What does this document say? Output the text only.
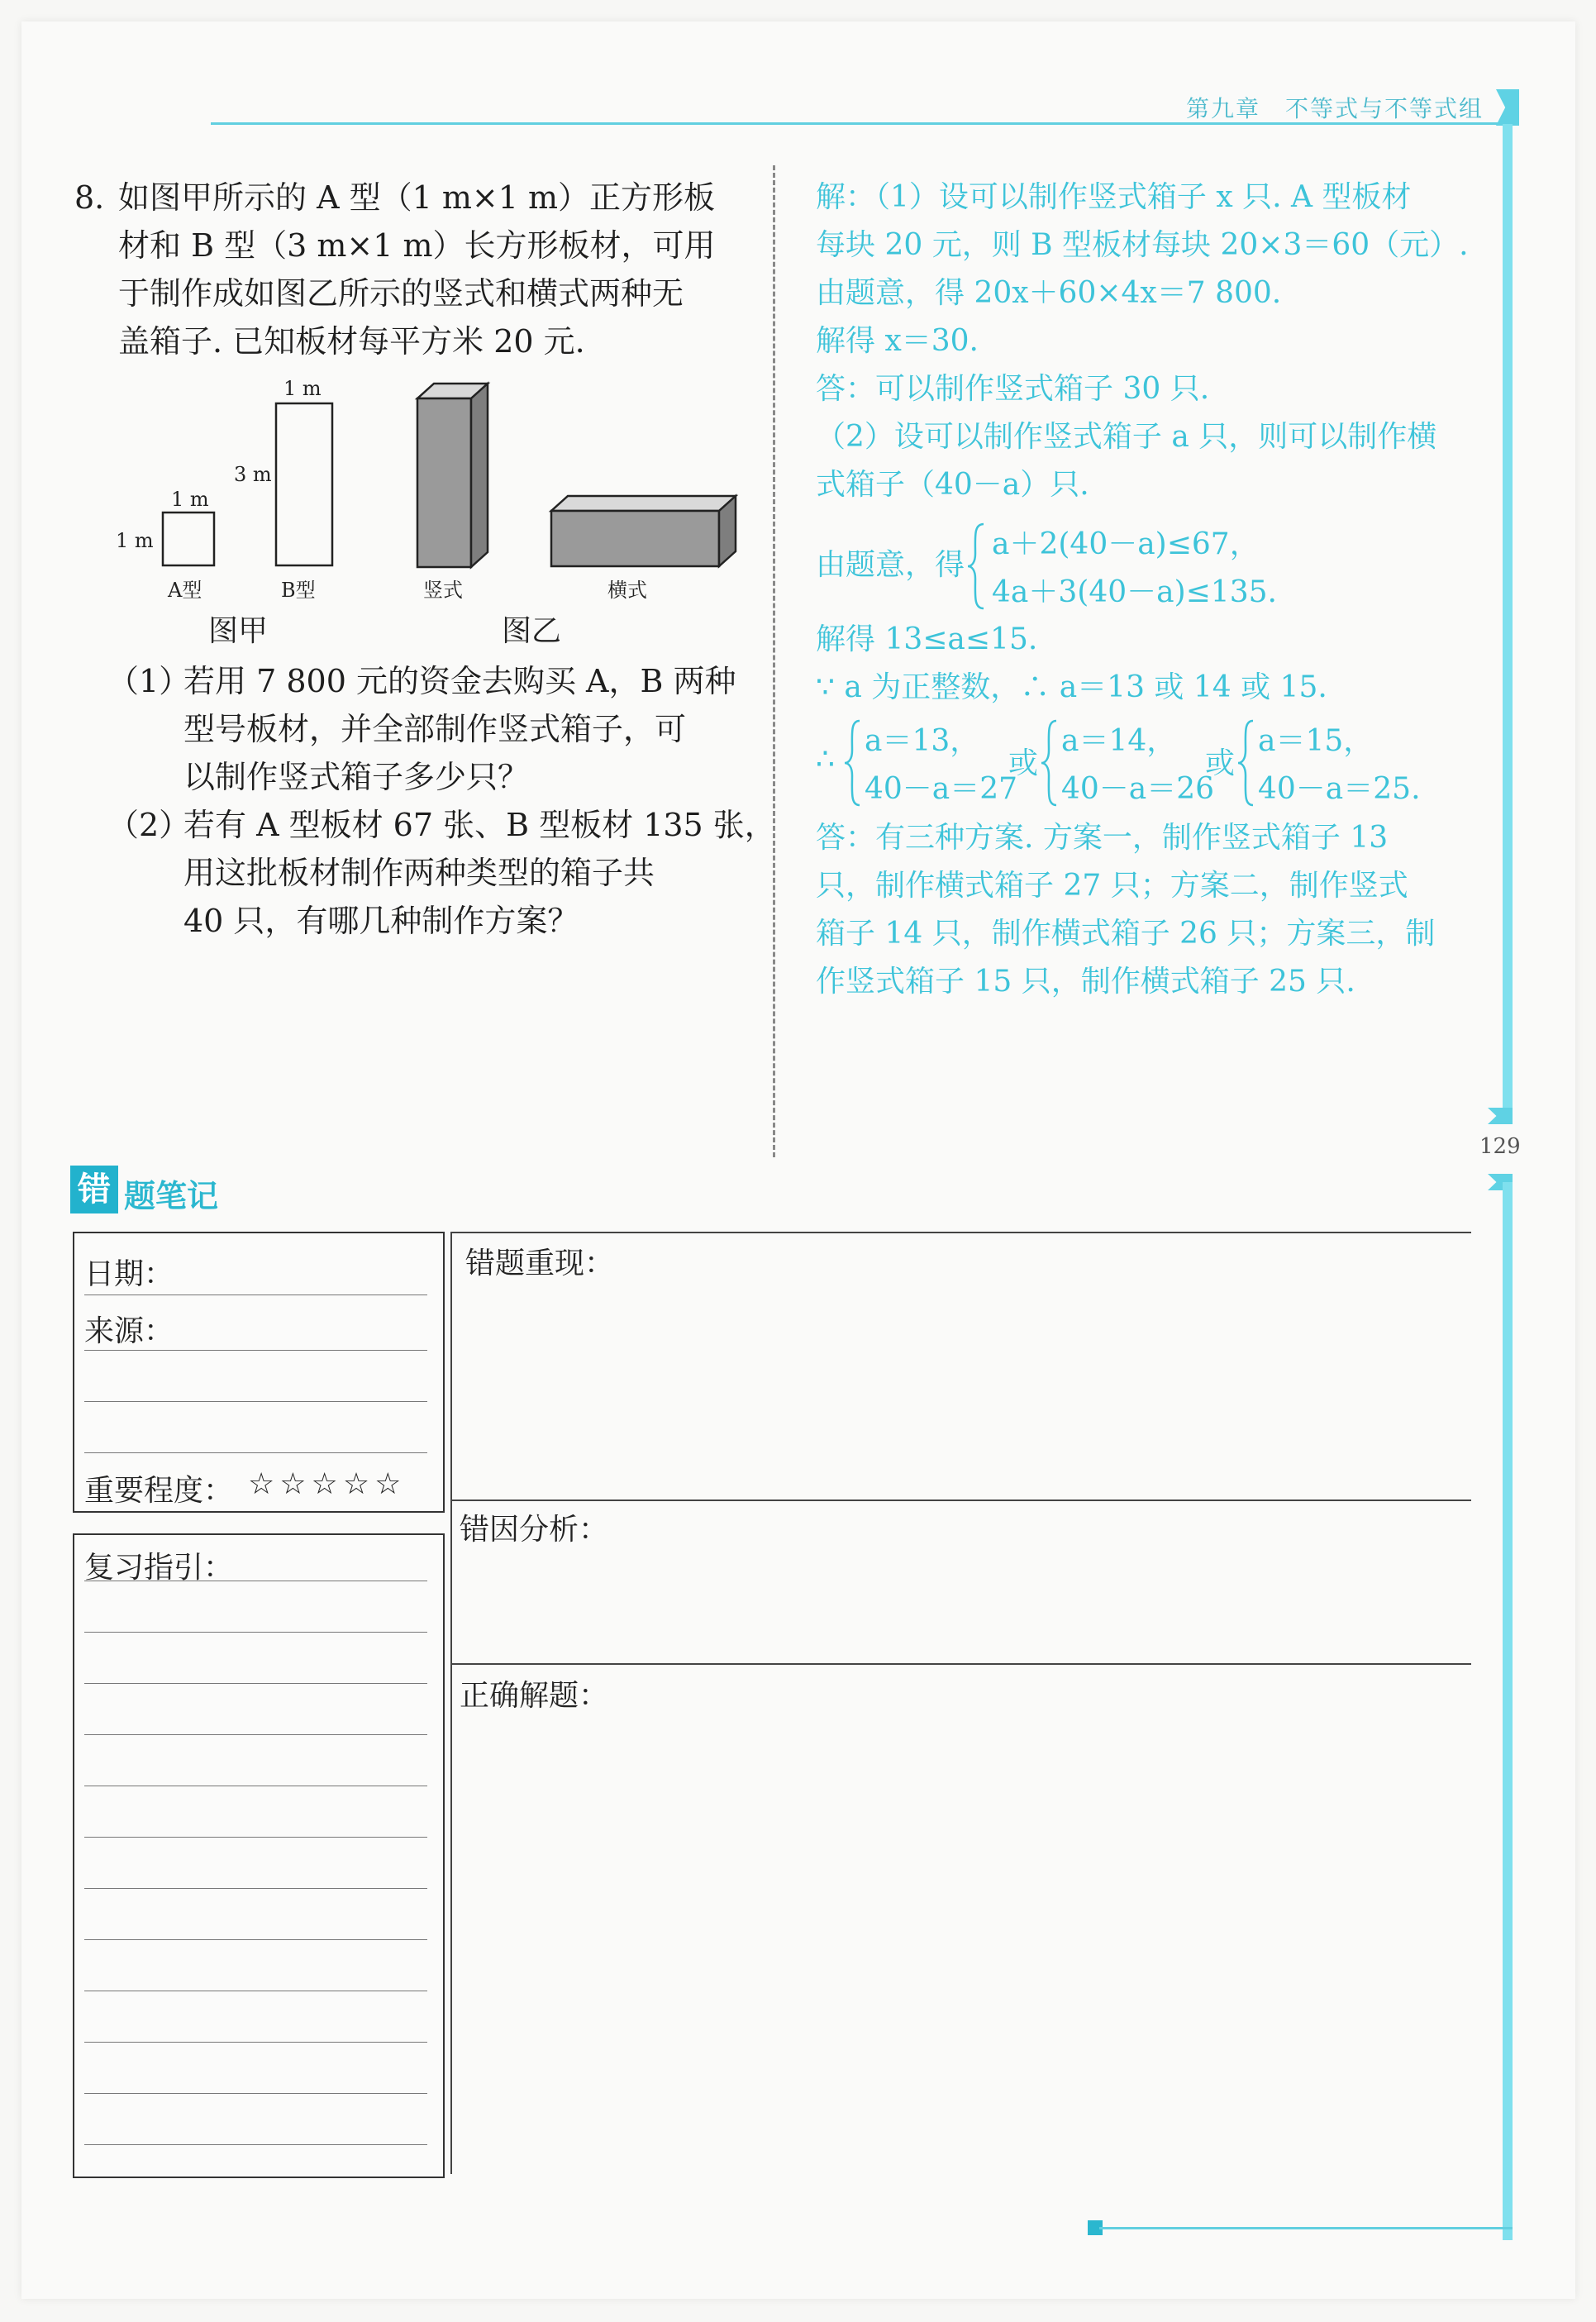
第九章　不等式与不等式组
129
8. 如图甲所示的 A 型（1 m×1 m）正方形板
材和 B 型（3 m×1 m）长方形板材，可用
于制作成如图乙所示的竖式和横式两种无
盖箱子. 已知板材每平方米 20 元.
1 m
1 m
A型
1 m
3 m
B型	竖式	横式
图甲	图乙
（1）
若用 7 800 元的资金去购买 A，B 两种
型号板材，并全部制作竖式箱子，可
以制作竖式箱子多少只？
（2）
若有 A 型板材 67 张、B 型板材 135 张，
用这批板材制作两种类型的箱子共
40 只，有哪几种制作方案？
解：（1）设可以制作竖式箱子 x 只. A 型板材
每块 20 元，则 B 型板材每块 20×3＝60（元）.
由题意，得 20x＋60×4x＝7 800.
解得 x＝30.
答：可以制作竖式箱子 30 只.
（2）设可以制作竖式箱子 a 只，则可以制作横
式箱子（40－a）只.
由题意，得
a＋2(40－a)≤67，
4a＋3(40－a)≤135.
解得 13≤a≤15.
∵ a 为正整数，∴ a＝13 或 14 或 15.
∴
a＝13，
40－a＝27
或
a＝14，
40－a＝26
或
a＝15，
40－a＝25.
答：有三种方案. 方案一，制作竖式箱子 13
只，制作横式箱子 27 只；方案二，制作竖式
箱子 14 只，制作横式箱子 26 只；方案三，制
作竖式箱子 15 只，制作横式箱子 25 只.
错 题笔记
日期：
来源：
重要程度： ☆☆☆☆☆
复习指引：
错题重现：
错因分析：
正确解题：
